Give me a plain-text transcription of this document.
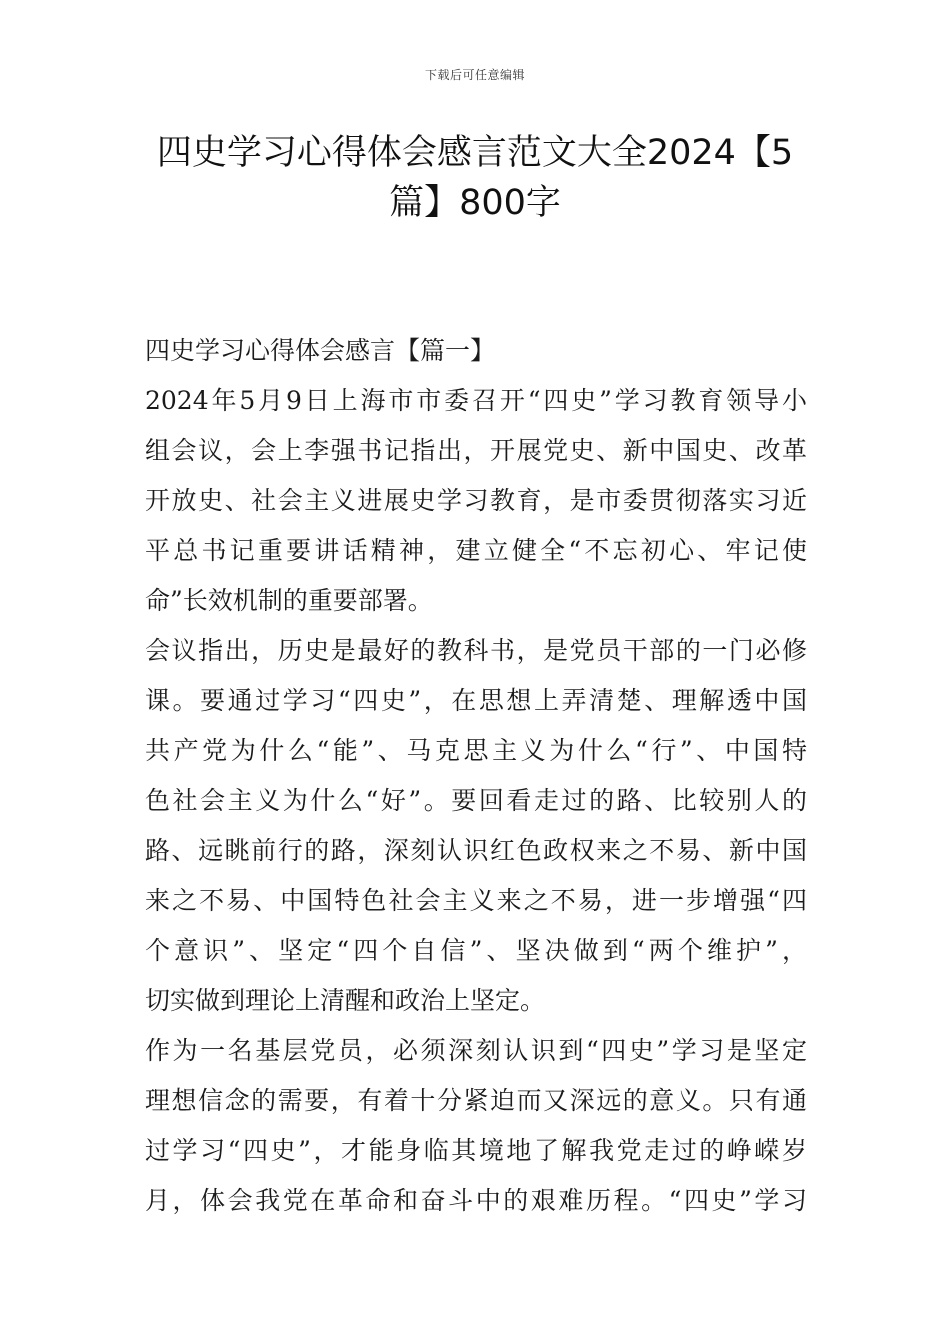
下载后可任意编辑
四史学习心得体会感言范文大全2024【5
篇】800字
四史学习心得体会感言【篇一】
2024年5月9日上海市市委召开“四史”学习教育领导小
组会议，会上李强书记指出，开展党史、新中国史、改革
开放史、社会主义进展史学习教育，是市委贯彻落实习近
平总书记重要讲话精神，建立健全“不忘初心、牢记使
命”长效机制的重要部署。
会议指出，历史是最好的教科书，是党员干部的一门必修
课。要通过学习“四史”，在思想上弄清楚、理解透中国
共产党为什么“能”、马克思主义为什么“行”、中国特
色社会主义为什么“好”。要回看走过的路、比较别人的
路、远眺前行的路，深刻认识红色政权来之不易、新中国
来之不易、中国特色社会主义来之不易，进一步增强“四
个意识”、坚定“四个自信”、坚决做到“两个维护”，
切实做到理论上清醒和政治上坚定。
作为一名基层党员，必须深刻认识到“四史”学习是坚定
理想信念的需要，有着十分紧迫而又深远的意义。只有通
过学习“四史”，才能身临其境地了解我党走过的峥嵘岁
月，体会我党在革命和奋斗中的艰难历程。“四史”学习
